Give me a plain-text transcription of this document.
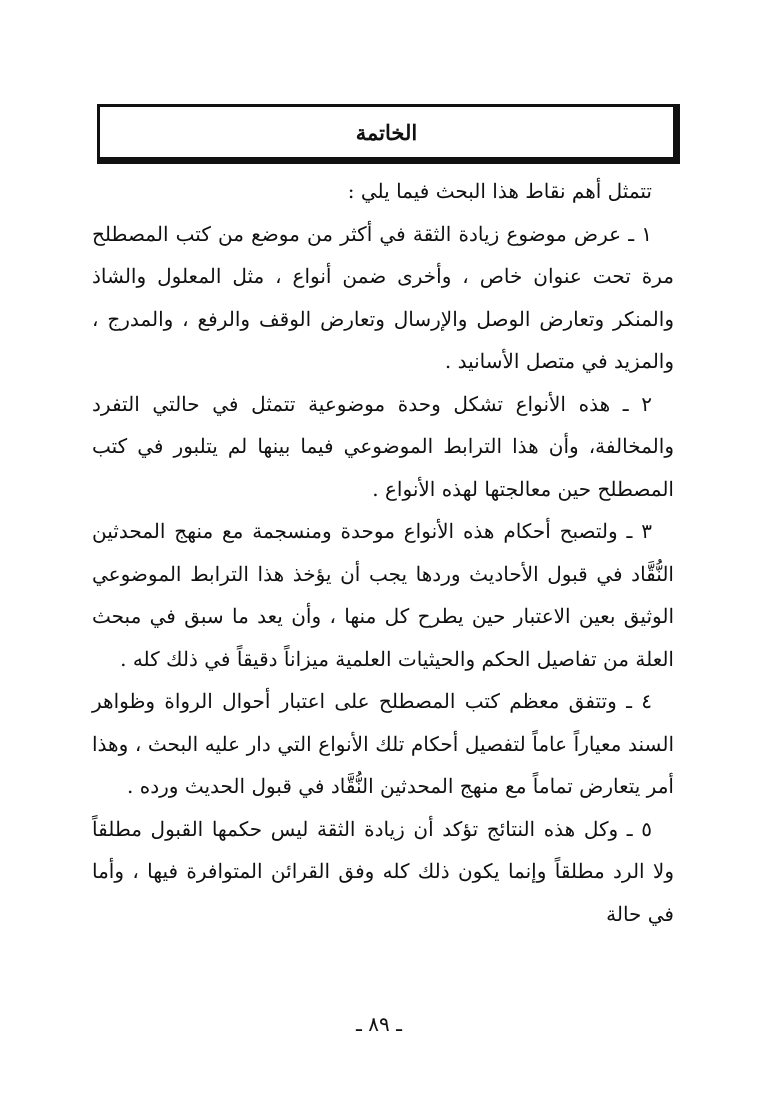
الخاتمة

تتمثل أهم نقاط هذا البحث فيما يلي :

١ ـ عرض موضوع زيادة الثقة في أكثر من موضع من كتب المصطلح مرة تحت عنوان خاص ، وأخرى ضمن أنواع ، مثل المعلول والشاذ والمنكر وتعارض الوصل والإرسال وتعارض الوقف والرفع ، والمدرج ، والمزيد في متصل الأسانيد .

٢ ـ هذه الأنواع تشكل وحدة موضوعية تتمثل في حالتي التفرد والمخالفة، وأن هذا الترابط الموضوعي فيما بينها لم يتلبور في كتب المصطلح حين معالجتها لهذه الأنواع .

٣ ـ ولتصبح أحكام هذه الأنواع موحدة ومنسجمة مع منهج المحدثين النُّقَّاد في قبول الأحاديث وردها يجب أن يؤخذ هذا الترابط الموضوعي الوثيق بعين الاعتبار حين يطرح كل منها ، وأن يعد ما سبق في مبحث العلة من تفاصيل الحكم والحيثيات العلمية ميزاناً دقيقاً في ذلك كله .

٤ ـ وتتفق معظم كتب المصطلح على اعتبار أحوال الرواة وظواهر السند معياراً عاماً لتفصيل أحكام تلك الأنواع التي دار عليه البحث ، وهذا أمر يتعارض تماماً مع منهج المحدثين النُّقَّاد في قبول الحديث ورده .

٥ ـ وكل هذه النتائج تؤكد أن زيادة الثقة ليس حكمها القبول مطلقاً ولا الرد مطلقاً وإنما يكون ذلك كله وفق القرائن المتوافرة فيها ، وأما في حالة

ـ ٨٩ ـ
